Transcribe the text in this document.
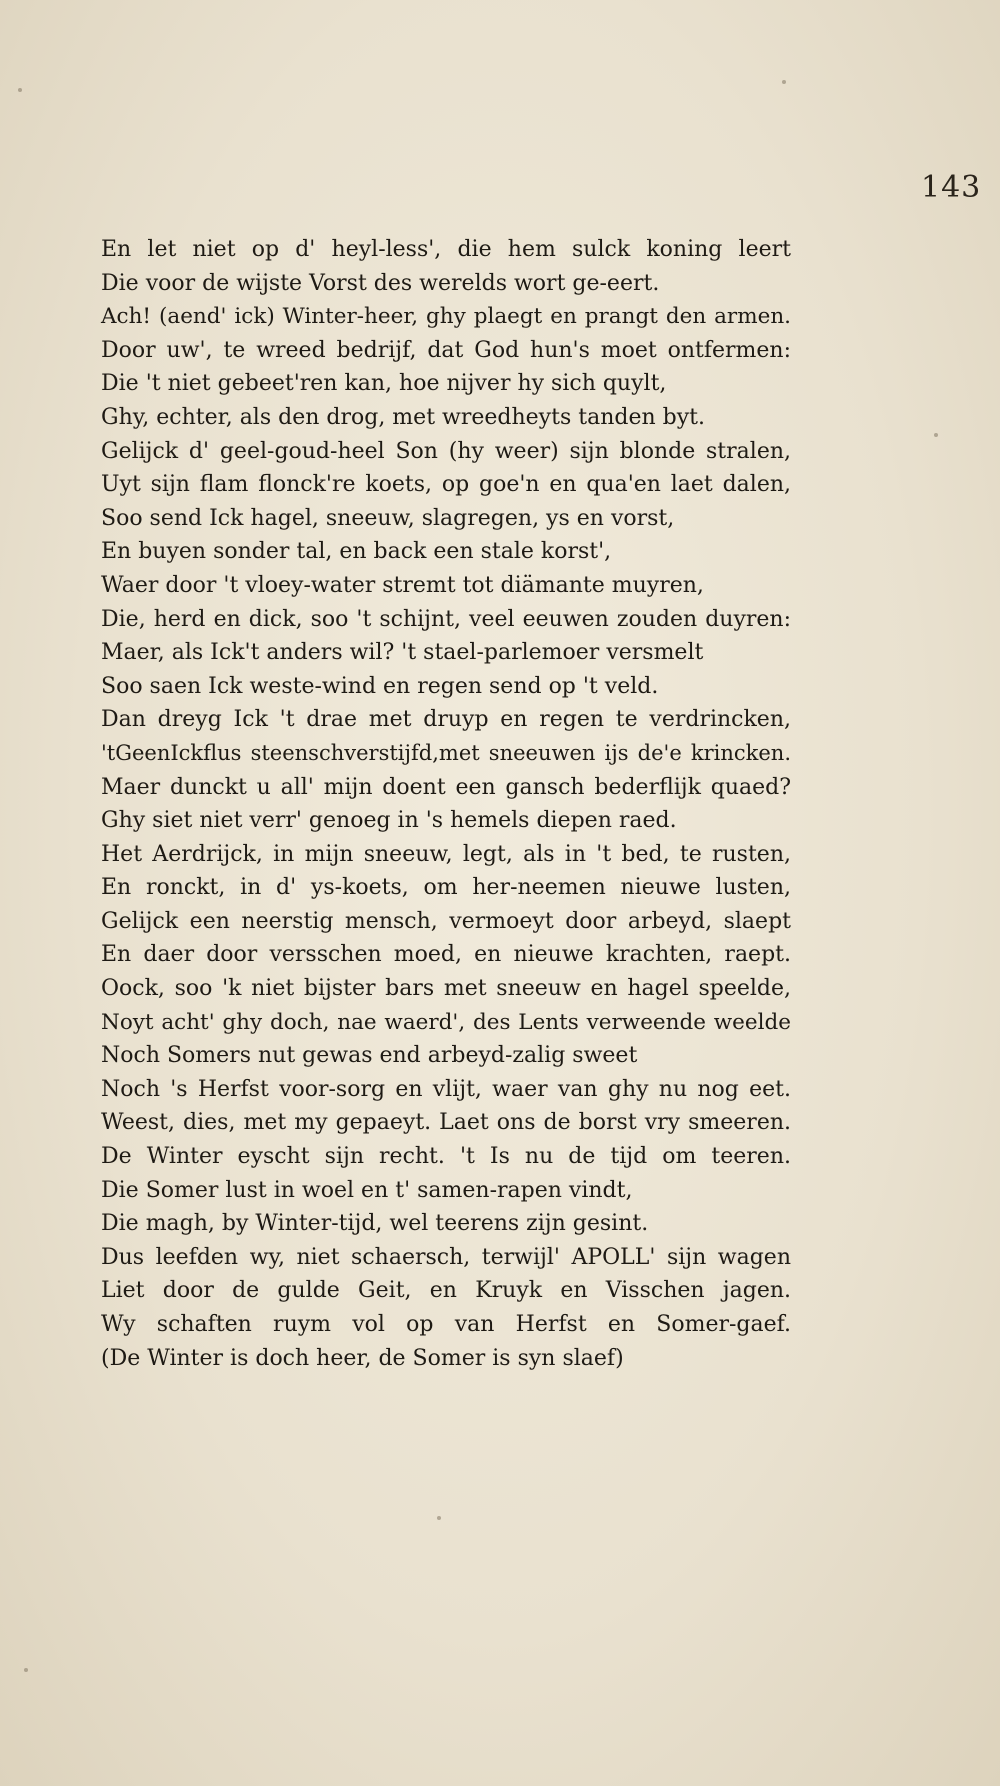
143
En let niet op d' heyl-less', die hem sulck koning leert
Die voor de wijste Vorst des werelds wort ge-eert.
Ach! (aend' ick) Winter-heer, ghy plaegt en prangt den armen.
Door uw', te wreed bedrijf, dat God hun's moet ontfermen:
Die 't niet gebeet'ren kan, hoe nijver hy sich quylt,
Ghy, echter, als den drog, met wreedheyts tanden byt.
Gelijck d' geel-goud-heel Son (hy weer) sijn blonde stralen,
Uyt sijn flam flonck're koets, op goe'n en qua'en laet dalen,
Soo send Ick hagel, sneeuw, slagregen, ys en vorst,
En buyen sonder tal, en back een stale korst',
Waer door 't vloey-water stremt tot diämante muyren,
Die, herd en dick, soo 't schijnt, veel eeuwen zouden duyren:
Maer, als Ick't anders wil? 't stael-parlemoer versmelt
Soo saen Ick weste-wind en regen send op 't veld.
Dan dreyg Ick 't drae met druyp en regen te verdrincken,
'tGeenIckflus steenschverstijfd,met sneeuwen ijs de'e krincken.
Maer dunckt u all' mijn doent een gansch bederflijk quaed?
Ghy siet niet verr' genoeg in 's hemels diepen raed.
Het Aerdrijck, in mijn sneeuw, legt, als in 't bed, te rusten,
En ronckt, in d' ys-koets, om her-neemen nieuwe lusten,
Gelijck een neerstig mensch, vermoeyt door arbeyd, slaept
En daer door versschen moed, en nieuwe krachten, raept.
Oock, soo 'k niet bijster bars met sneeuw en hagel speelde,
Noyt acht' ghy doch, nae waerd', des Lents verweende weelde
Noch Somers nut gewas end arbeyd-zalig sweet
Noch 's Herfst voor-sorg en vlijt, waer van ghy nu nog eet.
Weest, dies, met my gepaeyt. Laet ons de borst vry smeeren.
De Winter eyscht sijn recht. 't Is nu de tijd om teeren.
Die Somer lust in woel en t' samen-rapen vindt,
Die magh, by Winter-tijd, wel teerens zijn gesint.
Dus leefden wy, niet schaersch, terwijl' APOLL' sijn wagen
Liet door de gulde Geit, en Kruyk en Visschen jagen.
Wy schaften ruym vol op van Herfst en Somer-gaef.
(De Winter is doch heer, de Somer is syn slaef)
